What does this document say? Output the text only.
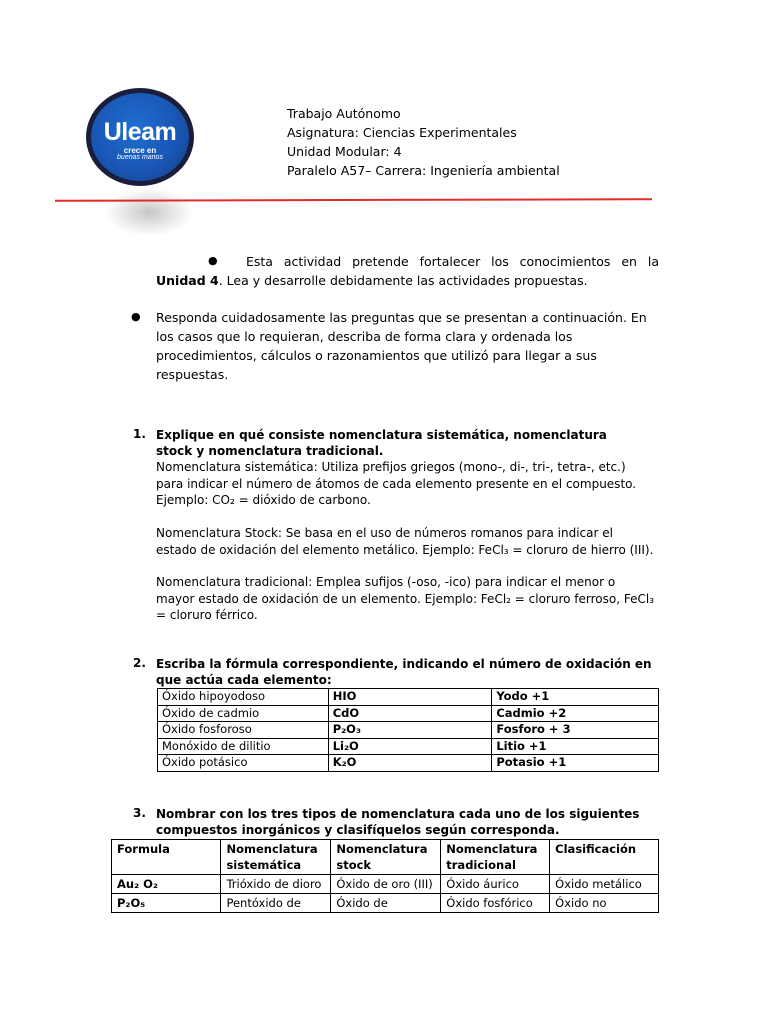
Uleam
crece en
buenas manos
Trabajo Autónomo
Asignatura: Ciencias Experimentales
Unidad Modular: 4
Paralelo A57– Carrera: Ingeniería ambiental
●	Esta actividad pretende fortalecer los conocimientos en la Unidad 4. Lea y desarrolle debidamente las actividades propuestas.

● Responda cuidadosamente las preguntas que se presentan a continuación. En los casos que lo requieran, describa de forma clara y ordenada los procedimientos, cálculos o razonamientos que utilizó para llegar a sus respuestas.

1. Explique en qué consiste nomenclatura sistemática, nomenclatura stock y nomenclatura tradicional.

Nomenclatura sistemática: Utiliza prefijos griegos (mono-, di-, tri-, tetra-, etc.) para indicar el número de átomos de cada elemento presente en el compuesto. Ejemplo: CO₂ = dióxido de carbono.

Nomenclatura Stock: Se basa en el uso de números romanos para indicar el estado de oxidación del elemento metálico. Ejemplo: FeCl₃ = cloruro de hierro (III).

Nomenclatura tradicional: Emplea sufijos (-oso, -ico) para indicar el menor o mayor estado de oxidación de un elemento. Ejemplo: FeCl₂ = cloruro ferroso, FeCl₃ = cloruro férrico.

2. Escriba la fórmula correspondiente, indicando el número de oxidación en que actúa cada elemento:

Óxido hipoyodoso	HIO	Yodo +1
Óxido de cadmio	CdO	Cadmio +2
Óxido fosforoso	P₂O₃	Fosforo + 3
Monóxido de dilitio	Li₂O	Litio +1
Óxido potásico	K₂O	Potasio +1
3. Nombrar con los tres tipos de nomenclatura cada uno de los siguientes compuestos inorgánicos y clasifíquelos según corresponda.

Formula	Nomenclatura sistemática	Nomenclatura stock	Nomenclatura tradicional	Clasificación
Au₂ O₂	Trióxido de dioro	Óxido de oro (III)	Óxido áurico	Óxido metálico
P₂O₅	Pentóxido de	Óxido de	Óxido fosfórico	Óxido no
